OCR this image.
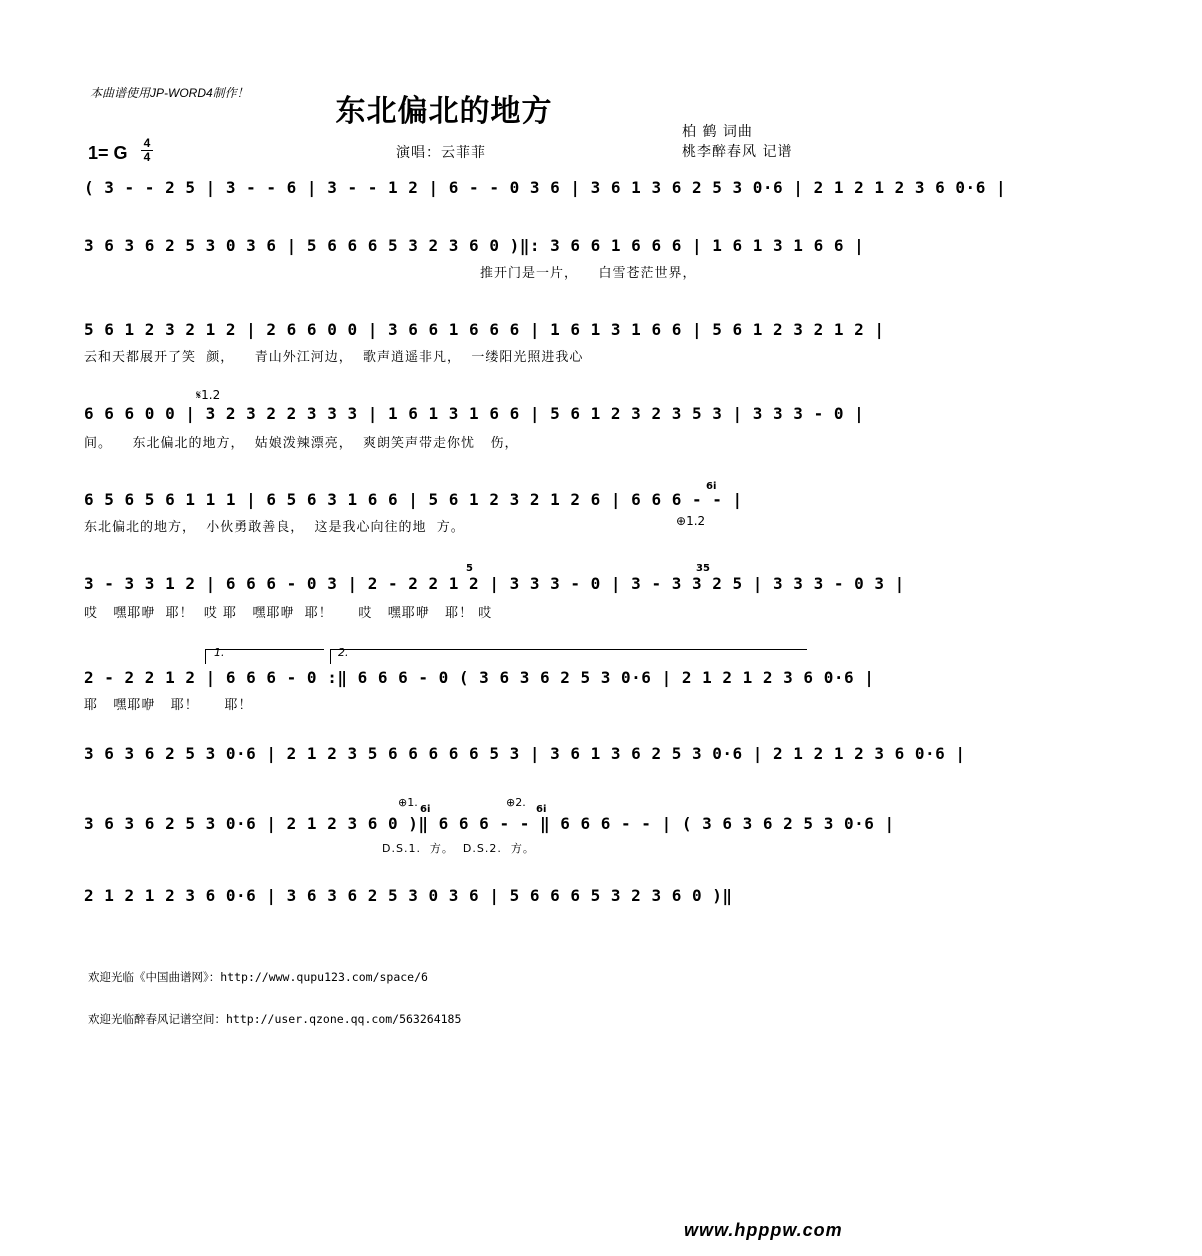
本曲谱使用JP-WORD4制作！
东北偏北的地方
柏 鹤 词曲
桃李醉春风 记谱
1= G 4
4	演唱：云菲菲
( 3 - - 2 5 | 3 - - 6 | 3 - - 1 2 | 6 - - 0 3 6 | 3 6 1 3 6 2 5 3 0·6 | 2 1 2 1 2 3 6 0·6 |
3 6 3 6 2 5 3 0 3 6 | 5 6 6 6 5 3 2 3 6 0 )‖: 3 6 6 1 6 6 6 | 1 6 1 3 1 6 6 |
推开门是一片，    白雪苍茫世界，
5 6 1 2 3 2 1 2 | 2 6 6 0 0 | 3 6 6 1 6 6 6 | 1 6 1 3 1 6 6 | 5 6 1 2 3 2 1 2 |
云和天都展开了笑  颜，    青山外江河边，  歌声逍遥非凡，  一缕阳光照进我心
𝄋1.2
6 6 6 0 0 | 3 2 3 2 2 3 3 3 | 1 6 1 3 1 6 6 | 5 6 1 2 3 2 3 5 3 | 3 3 3 - 0 |
间。    东北偏北的地方，  姑娘泼辣漂亮，  爽朗笑声带走你忧   伤，
6i
6 5 6 5 6 1 1 1 | 6 5 6 3 1 6 6 | 5 6 1 2 3 2 1 2 6 | 6 6 6 - - |
东北偏北的地方，  小伙勇敢善良，  这是我心向往的地  方。	⊕1.2
5	35
3 - 3 3 1 2 | 6 6 6 - 0 3 | 2 - 2 2 1 2 | 3 3 3 - 0 | 3 - 3 3 2 5 | 3 3 3 - 0 3 |
哎   嘿耶咿  耶！  哎 耶   嘿耶咿  耶！     哎   嘿耶咿   耶！ 哎
1.	2.
2 - 2 2 1 2 | 6 6 6 - 0 :‖ 6 6 6 - 0 ( 3 6 3 6 2 5 3 0·6 | 2 1 2 1 2 3 6 0·6 |
耶   嘿耶咿   耶！     耶！
3 6 3 6 2 5 3 0·6 | 2 1 2 3 5 6 6 6 6 6 5 3 | 3 6 1 3 6 2 5 3 0·6 | 2 1 2 1 2 3 6 0·6 |
⊕1.
6i
⊕2.
6i
3 6 3 6 2 5 3 0·6 | 2 1 2 3 6 0 )‖ 6 6 6 - - ‖ 6 6 6 - - | ( 3 6 3 6 2 5 3 0·6 |
D.S.1.  方。  D.S.2.  方。
2 1 2 1 2 3 6 0·6 | 3 6 3 6 2 5 3 0 3 6 | 5 6 6 6 5 3 2 3 6 0 )‖
欢迎光临《中国曲谱网》：http://www.qupu123.com/space/6
欢迎光临醉春风记谱空间：http://user.qzone.qq.com/563264185
www.hpppw.com
